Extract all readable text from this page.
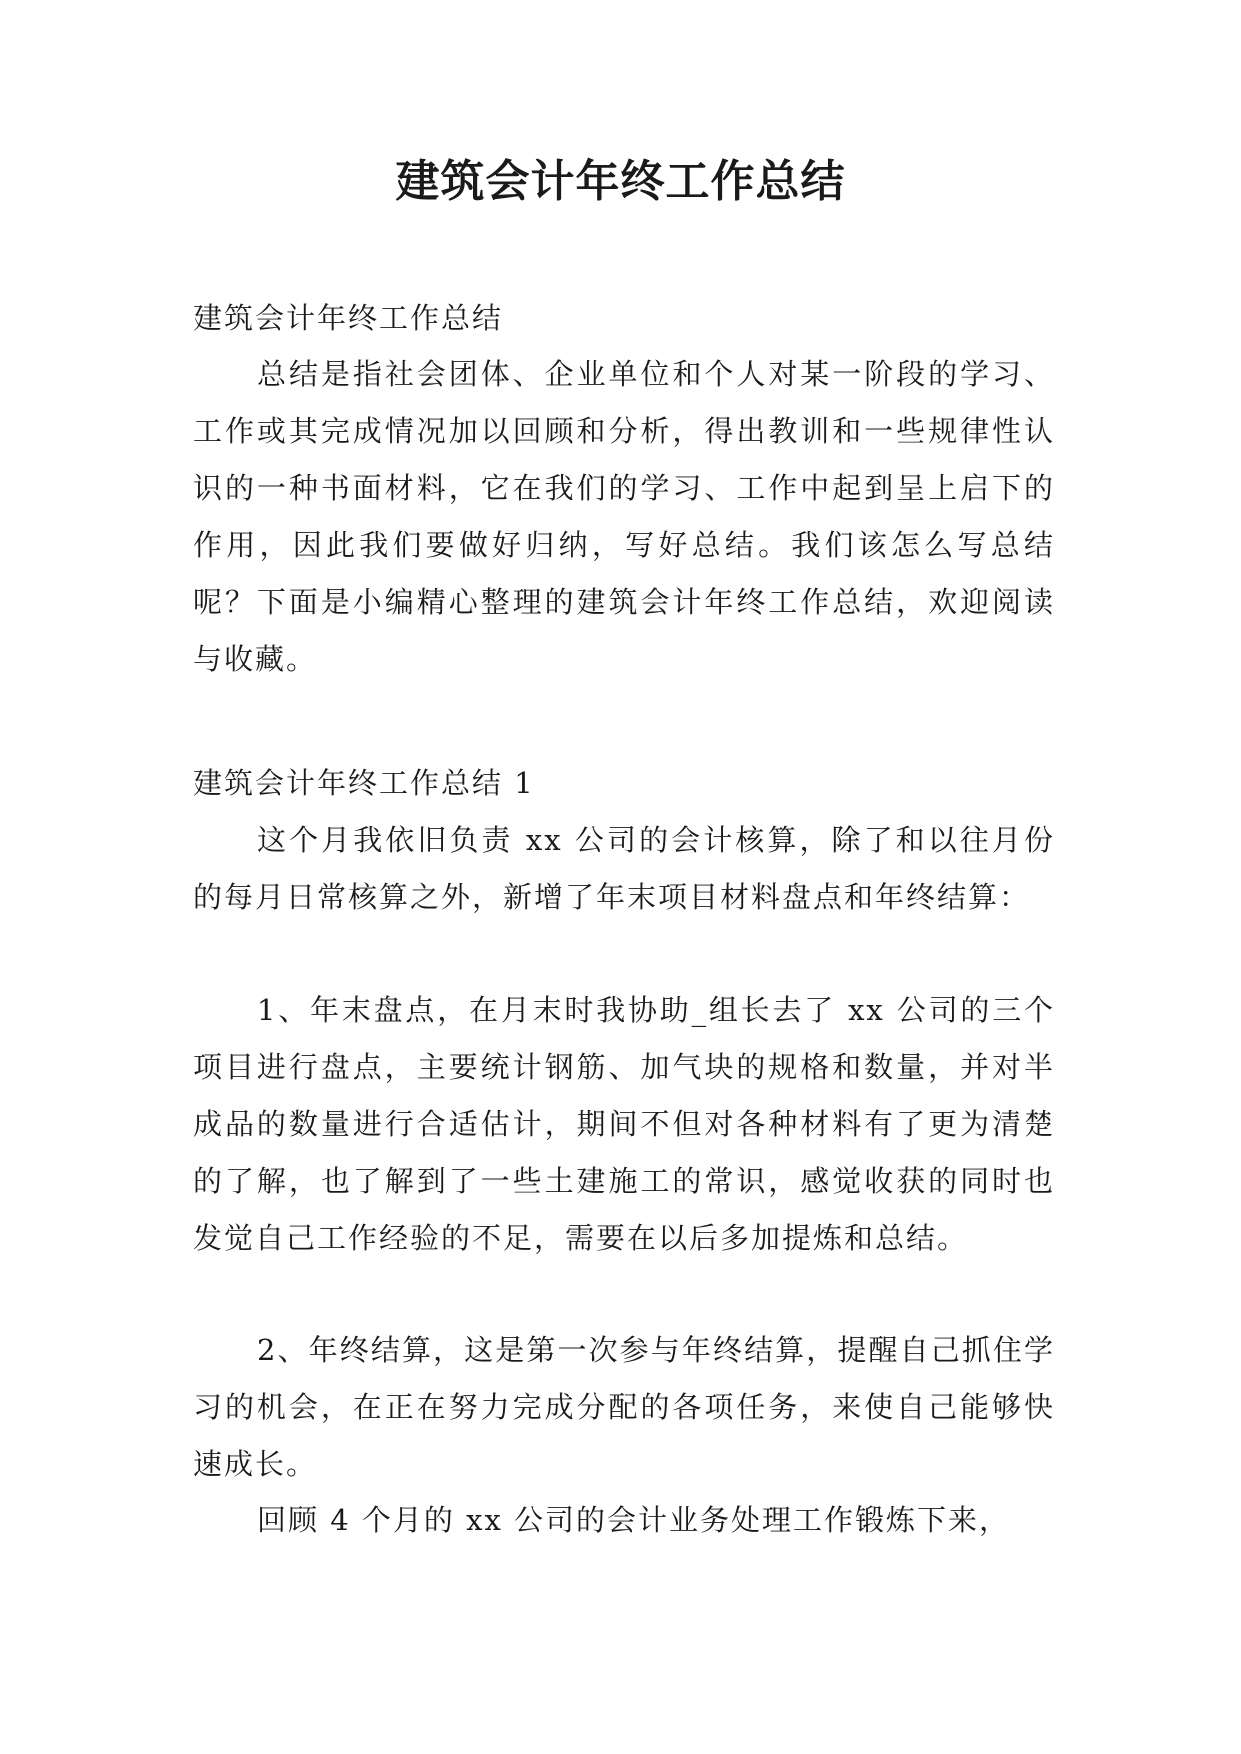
建筑会计年终工作总结

建筑会计年终工作总结

总结是指社会团体、企业单位和个人对某一阶段的学习、工作或其完成情况加以回顾和分析，得出教训和一些规律性认识的一种书面材料，它在我们的学习、工作中起到呈上启下的作用，因此我们要做好归纳，写好总结。我们该怎么写总结呢？下面是小编精心整理的建筑会计年终工作总结，欢迎阅读与收藏。

建筑会计年终工作总结 1

这个月我依旧负责 xx 公司的会计核算，除了和以往月份的每月日常核算之外，新增了年末项目材料盘点和年终结算：

1、年末盘点，在月末时我协助_组长去了 xx 公司的三个项目进行盘点，主要统计钢筋、加气块的规格和数量，并对半成品的数量进行合适估计，期间不但对各种材料有了更为清楚的了解，也了解到了一些土建施工的常识，感觉收获的同时也发觉自己工作经验的不足，需要在以后多加提炼和总结。

2、年终结算，这是第一次参与年终结算，提醒自己抓住学习的机会，在正在努力完成分配的各项任务，来使自己能够快速成长。

回顾 4 个月的 xx 公司的会计业务处理工作锻炼下来，
